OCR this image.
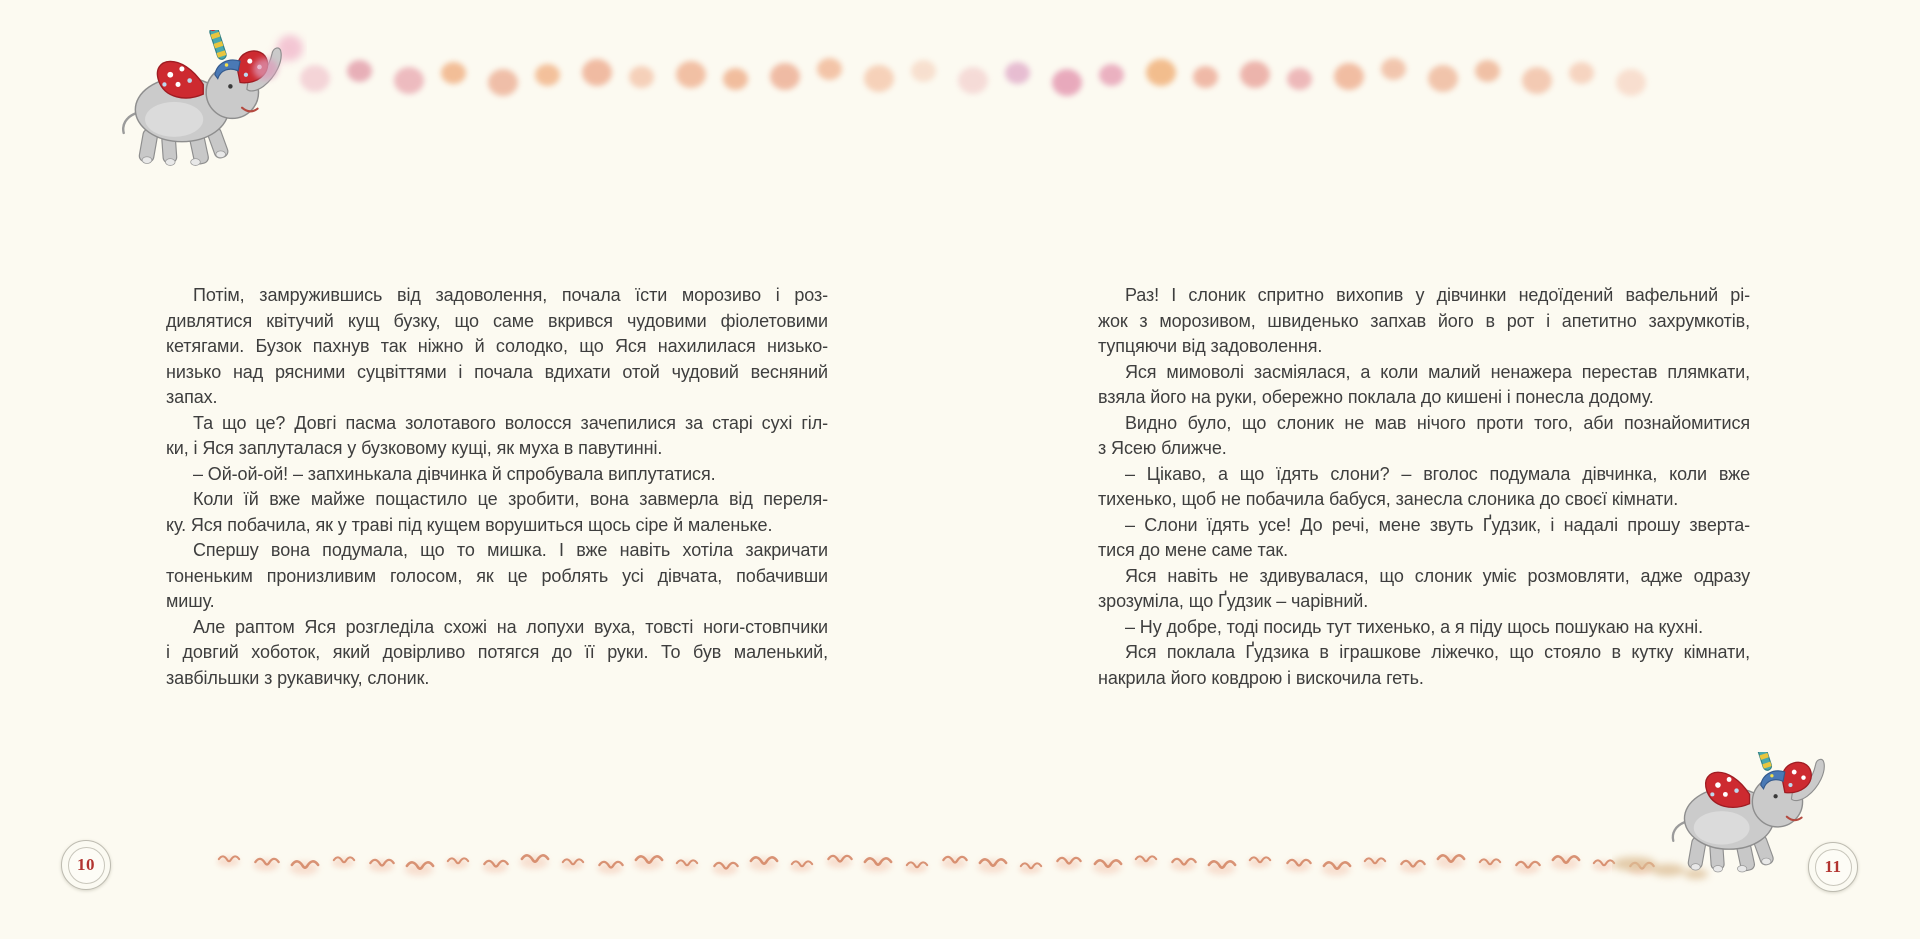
Потім, замружившись від задоволення, почала їсти морозиво і роз-
дивлятися квітучий кущ бузку, що саме вкрився чудовими фіолетовими
кетягами. Бузок пахнув так ніжно й солодко, що Яся нахилилася низько-
низько над рясними суцвіттями і почала вдихати отой чудовий весняний
запах.
Та що це? Довгі пасма золотавого волосся зачепилися за старі сухі гіл-
ки, і Яся заплуталася у бузковому кущі, як муха в павутинні.
– Ой-ой-ой! – запхинькала дівчинка й спробувала виплутатися.
Коли їй вже майже пощастило це зробити, вона завмерла від переля-
ку. Яся побачила, як у траві під кущем ворушиться щось сіре й маленьке.
Спершу вона подумала, що то мишка. І вже навіть хотіла закричати
тоненьким пронизливим голосом, як це роблять усі дівчата, побачивши
мишу.
Але раптом Яся розгледіла схожі на лопухи вуха, товсті ноги-стовпчики
і довгий хоботок, який довірливо потягся до її руки. То був маленький,
завбільшки з рукавичку, слоник.
Раз! І слоник спритно вихопив у дівчинки недоїдений вафельний рі-
жок з морозивом, швиденько запхав його в рот і апетитно захрумкотів,
тупцяючи від задоволення.
Яся мимоволі засміялася, а коли малий ненажера перестав плямкати,
взяла його на руки, обережно поклала до кишені і понесла додому.
Видно було, що слоник не мав нічого проти того, аби познайомитися
з Ясею ближче.
– Цікаво, а що їдять слони? – вголос подумала дівчинка, коли вже
тихенько, щоб не побачила бабуся, занесла слоника до своєї кімнати.
– Слони їдять усе! До речі, мене звуть Ґудзик, і надалі прошу зверта-
тися до мене саме так.
Яся навіть не здивувалася, що слоник уміє розмовляти, адже одразу
зрозуміла, що Ґудзик – чарівний.
– Ну добре, тоді посидь тут тихенько, а я піду щось пошукаю на кухні.
Яся поклала Ґудзика в іграшкове ліжечко, що стояло в кутку кімнати,
накрила його ковдрою і вискочила геть.
10	11
